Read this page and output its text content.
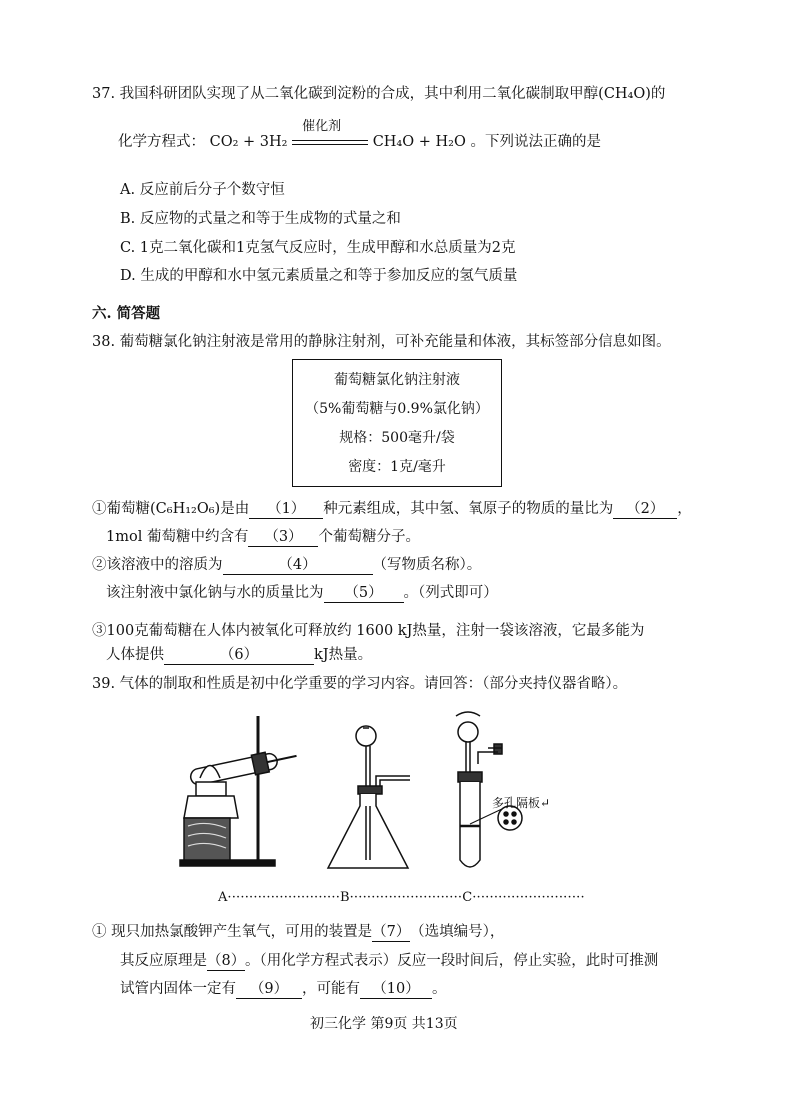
37. 我国科研团队实现了从二氧化碳到淀粉的合成，其中利用二氧化碳制取甲醇(CH₄O)的
化学方程式： CO₂ + 3H₂
催化剂
CH₄O + H₂O 。下列说法正确的是
A. 反应前后分子个数守恒
B. 反应物的式量之和等于生成物的式量之和
C. 1克二氧化碳和1克氢气反应时，生成甲醇和水总质量为2克
D. 生成的甲醇和水中氢元素质量之和等于参加反应的氢气质量
六. 简答题
38. 葡萄糖氯化钠注射液是常用的静脉注射剂，可补充能量和体液，其标签部分信息如图。
葡萄糖氯化钠注射液
（5%葡萄糖与0.9%氯化钠）
规格：500毫升/袋
密度：1克/毫升
①葡萄糖(C₆H₁₂O₆)是由 （1） 种元素组成，其中氢、氧原子的物质的量比为 （2） ，
1mol 葡萄糖中约含有 （3） 个葡萄糖分子。
②该溶液中的溶质为	（4）	（写物质名称）。
该注射液中氯化钠与水的质量比为 （5） 。（列式即可）
③100克葡萄糖在人体内被氧化可释放约 1600 kJ热量，注射一袋该溶液，它最多能为
人体提供	（6）	kJ热量。
39. 气体的制取和性质是初中化学重要的学习内容。请回答：（部分夹持仪器省略）。
多孔隔板↵
A··························B··························C··························
① 现只加热氯酸钾产生氧气，可用的装置是（7）（选填编号），
其反应原理是（8）。（用化学方程式表示）反应一段时间后，停止实验，此时可推测
试管内固体一定有 （9） ，可能有 （10） 。
初三化学 第9页 共13页
